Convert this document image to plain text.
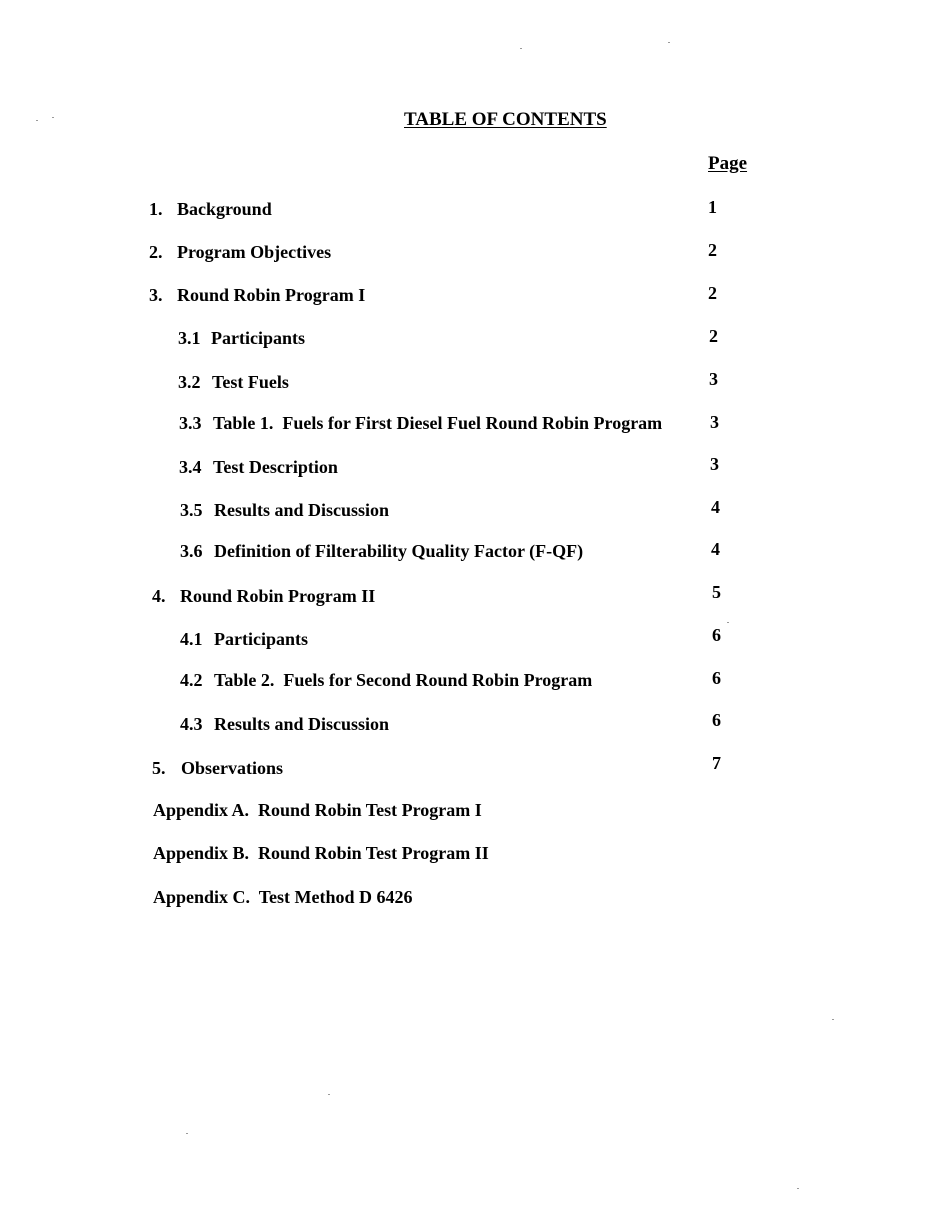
TABLE OF CONTENTS
Page
1. Background	1
2. Program Objectives	2
3. Round Robin Program I	2
3.1 Participants	2
3.2 Test Fuels	3
3.3 Table 1.  Fuels for First Diesel Fuel Round Robin Program	3
3.4 Test Description	3
3.5 Results and Discussion	4
3.6 Definition of Filterability Quality Factor (F-QF)	4
4. Round Robin Program II	5
4.1 Participants	6
4.2 Table 2.  Fuels for Second Round Robin Program	6
4.3 Results and Discussion	6
5. Observations	7
Appendix A.  Round Robin Test Program I
Appendix B.  Round Robin Test Program II
Appendix C.  Test Method D 6426
